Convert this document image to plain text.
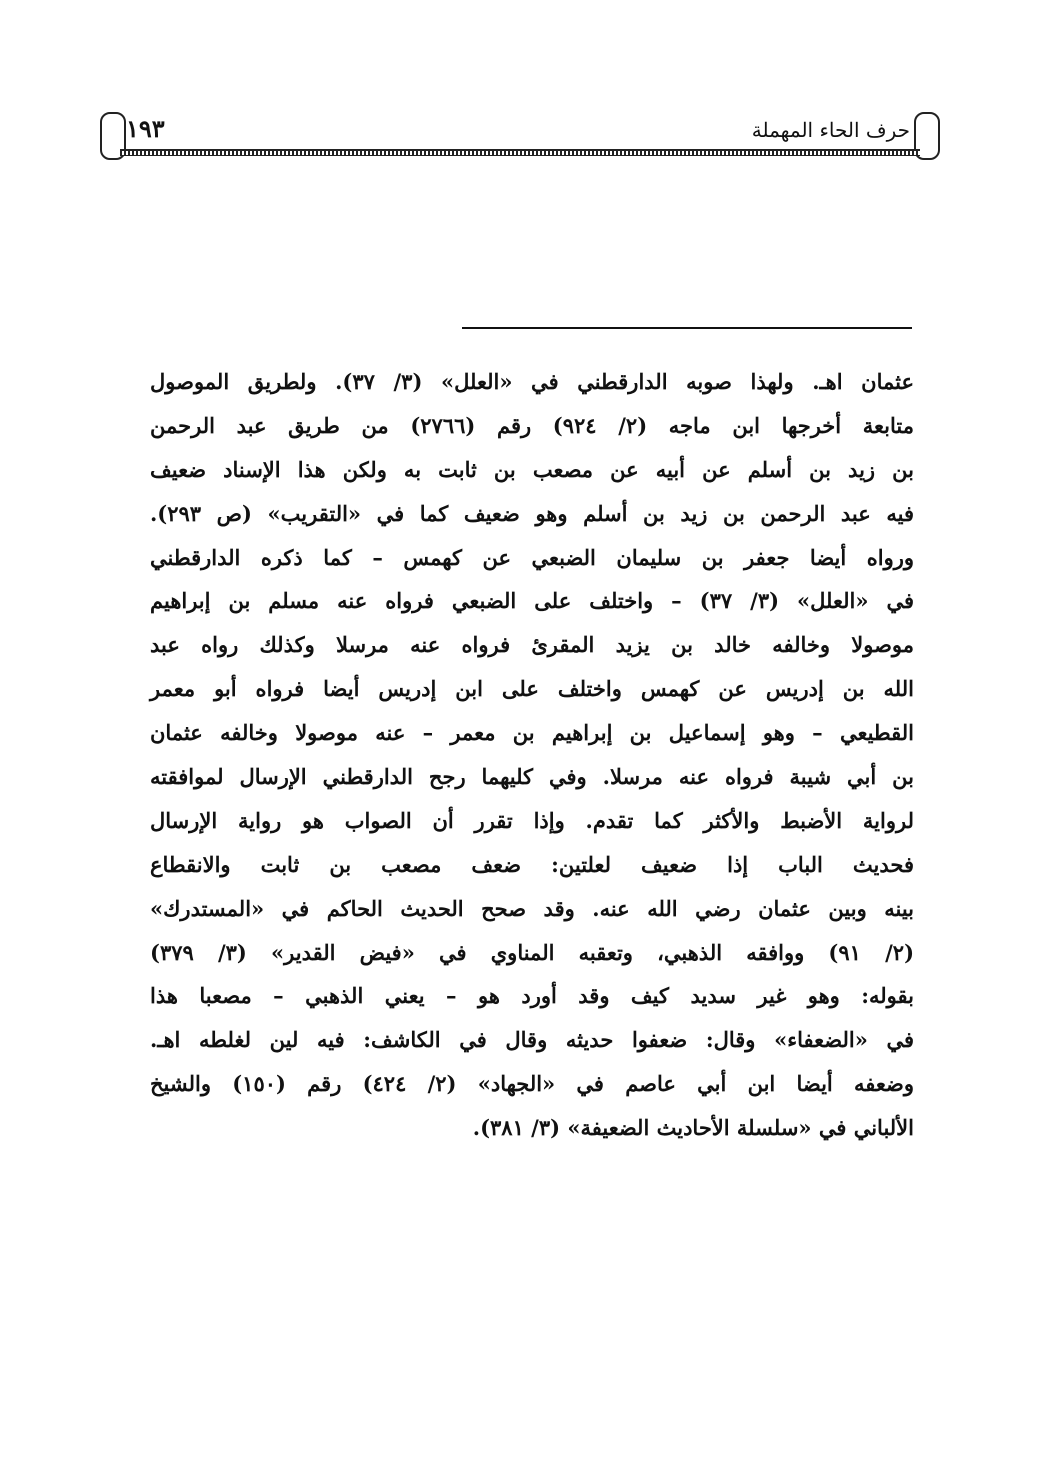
حرف الحاء المهملة
١٩٣
عثمان اهـ. ولهذا صوبه الدارقطني في «العلل» (٣/ ٣٧). ولطريق الموصول
متابعة أخرجها ابن ماجه (٢/ ٩٢٤) رقم (٢٧٦٦) من طريق عبد الرحمن
بن زيد بن أسلم عن أبيه عن مصعب بن ثابت به ولكن هذا الإسناد ضعيف
فيه عبد الرحمن بن زيد بن أسلم وهو ضعيف كما في «التقريب» (ص ٢٩٣).
ورواه أيضا جعفر بن سليمان الضبعي عن كهمس – كما ذكره الدارقطني
في «العلل» (٣/ ٣٧) – واختلف على الضبعي فرواه عنه مسلم بن إبراهيم
موصولا وخالفه خالد بن يزيد المقرئ فرواه عنه مرسلا وكذلك رواه عبد
الله بن إدريس عن كهمس واختلف على ابن إدريس أيضا فرواه أبو معمر
القطيعي – وهو إسماعيل بن إبراهيم بن معمر – عنه موصولا وخالفه عثمان
بن أبي شيبة فرواه عنه مرسلا. وفي كليهما رجح الدارقطني الإرسال لموافقته
لرواية الأضبط والأكثر كما تقدم. وإذا تقرر أن الصواب هو رواية الإرسال
فحديث الباب إذا ضعيف لعلتين: ضعف مصعب بن ثابت والانقطاع
بينه وبين عثمان رضي الله عنه. وقد صحح الحديث الحاكم في «المستدرك»
(٢/ ٩١) ووافقه الذهبي، وتعقبه المناوي في «فيض القدير» (٣/ ٣٧٩)
بقوله: وهو غير سديد كيف وقد أورد هو – يعني الذهبي – مصعبا هذا
في «الضعفاء» وقال: ضعفوا حديثه وقال في الكاشف: فيه لين لغلطه اهـ.
وضعفه أيضا ابن أبي عاصم في «الجهاد» (٢/ ٤٢٤) رقم (١٥٠) والشيخ
الألباني في «سلسلة الأحاديث الضعيفة» (٣/ ٣٨١).
